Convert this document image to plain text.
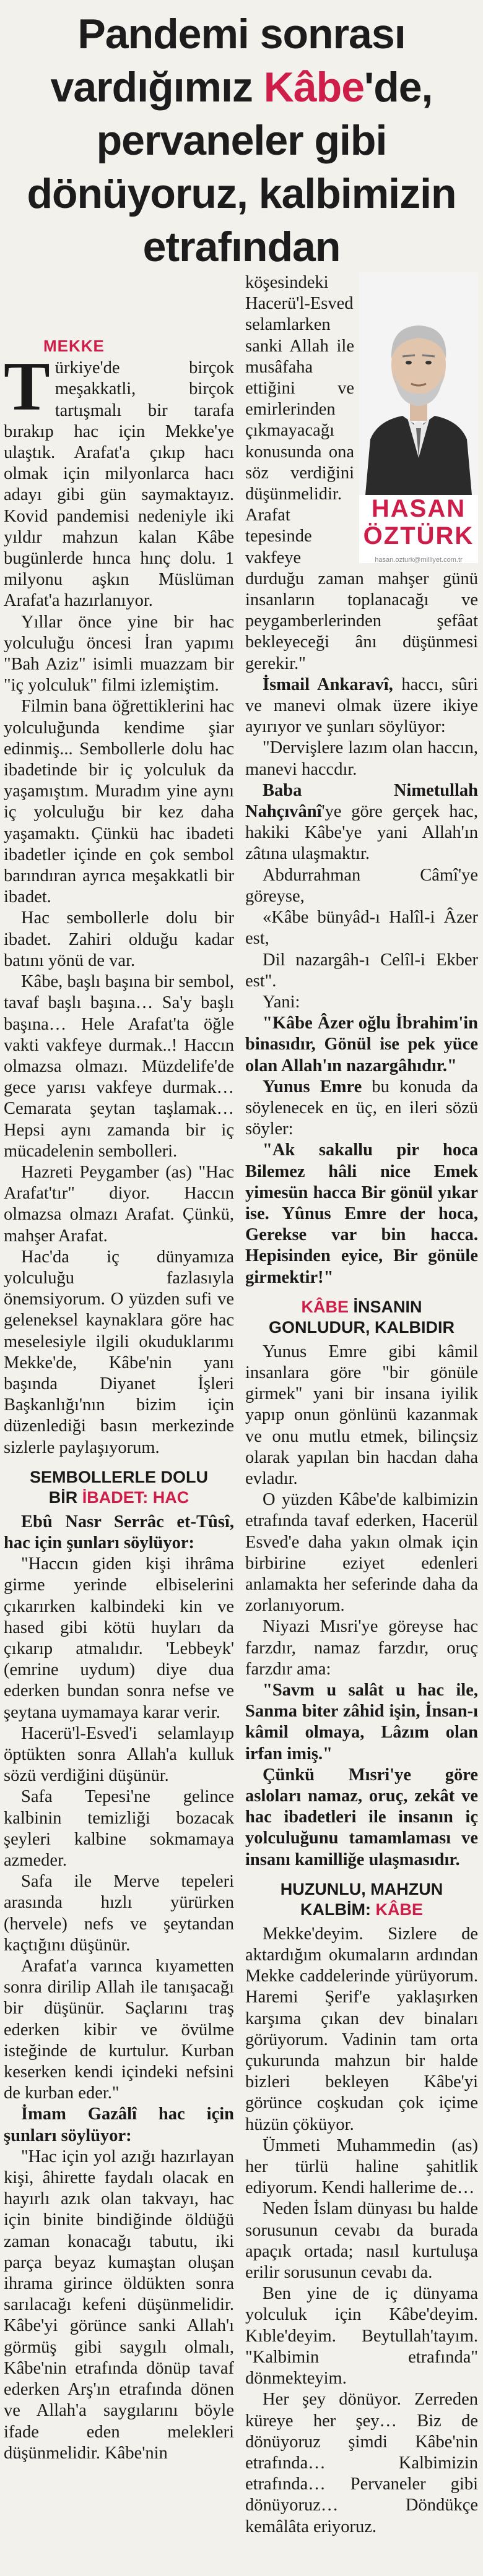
Pandemi sonrası
vardığımız Kâbe'de,
pervaneler gibi
dönüyoruz, kalbimizin
etrafından
MEKKE
T ürkiye'de birçok meşakkatli, birçok tartışmalı bir tarafa bırakıp hac için Mekke'ye ulaştık. Arafat'a çıkıp hacı olmak için milyonlarca hacı adayı gibi gün saymaktayız. Kovid pandemisi nedeniyle iki yıldır mahzun kalan Kâbe bugünlerde hınca hınç dolu. 1 milyonu aşkın Müslüman Arafat'a hazırlanıyor.

Yıllar önce yine bir hac yolculuğu öncesi İran yapımı "Bah Aziz" isimli muazzam bir "iç yolculuk" filmi izlemiştim.

Filmin bana öğrettiklerini hac yolculuğunda kendime şiar edinmiş... Sembollerle dolu hac ibadetinde bir iç yolculuk da yaşamıştım. Muradım yine aynı iç yolculuğu bir kez daha yaşamaktı. Çünkü hac ibadeti ibadetler içinde en çok sembol barındıran ayrıca meşakkatli bir ibadet.

Hac sembollerle dolu bir ibadet. Zahiri olduğu kadar batını yönü de var.

Kâbe, başlı başına bir sembol, tavaf başlı başına… Sa'y başlı başına… Hele Arafat'ta öğle vakti vakfeye durmak..! Haccın olmazsa olmazı. Müzdelife'de gece yarısı vakfeye durmak… Cemarata şeytan taşlamak… Hepsi aynı zamanda bir iç mücadelenin sembolleri.

Hazreti Peygamber (as) "Hac Arafat'tır" diyor. Haccın olmazsa olmazı Arafat. Çünkü, mahşer Arafat.

Hac'da iç dünyamıza yolculuğu fazlasıyla önemsiyorum. O yüzden sufi ve geleneksel kaynaklara göre hac meselesiyle ilgili okuduklarımı Mekke'de, Kâbe'nin yanı başında Diyanet İşleri Başkanlığı'nın bizim için düzenlediği basın merkezinde sizlerle paylaşıyorum.

SEMBOLLERLE DOLU
BİR İBADET: HAC

Ebû Nasr Serrâc et-Tûsî, hac için şunları söylüyor:

"Haccın giden kişi ihrâma girme yerinde elbiselerini çıkarırken kalbindeki kin ve hased gibi kötü huyları da çıkarıp atmalıdır. 'Lebbeyk' (emrine uydum) diye dua ederken bundan sonra nefse ve şeytana uymamaya karar verir.

Hacerü'l-Esved'i selamlayıp öptükten sonra Allah'a kulluk sözü verdiğini düşünür.

Safa Tepesi'ne gelince kalbinin temizliği bozacak şeyleri kalbine sokmamaya azmeder.

Safa ile Merve tepeleri arasında hızlı yürürken (hervele) nefs ve şeytandan kaçtığını düşünür.

Arafat'a varınca kıyametten sonra dirilip Allah ile tanışacağı bir düşünür. Saçlarını traş ederken kibir ve övülme isteğinde de kurtulur. Kurban keserken kendi içindeki nefsini de kurban eder."

İmam Gazâlî hac için şunları söylüyor:

"Hac için yol azığı hazırlayan kişi, âhirette faydalı olacak en hayırlı azık olan takvayı, hac için binite bindiğinde öldüğü zaman konacağı tabutu, iki parça beyaz kumaştan oluşan ihrama girince öldükten sonra sarılacağı kefeni düşünmelidir. Kâbe'yi görünce sanki Allah'ı görmüş gibi saygılı olmalı, Kâbe'nin etrafında dönüp tavaf ederken Arş'ın etrafında dönen ve Allah'a saygılarını böyle ifade eden melekleri düşünmelidir. Kâbe'nin

HASAN
ÖZTÜRK
hasan.ozturk@milliyet.com.tr

köşesindeki Hacerü'l-Esved selamlarken sanki Allah ile musâfaha ettiğini ve emirlerinden çıkmayacağı konusunda ona söz verdiğini düşünmelidir. Arafat tepesinde vakfeye durduğu zaman mahşer günü insanların toplanacağı ve peygamberlerinden şefâat bekleyeceği ânı düşünmesi gerekir."

İsmail Ankaravî, haccı, sûri ve manevi olmak üzere ikiye ayırıyor ve şunları söylüyor:

"Dervişlere lazım olan haccın, manevi haccdır.

Baba Nimetullah Nahçıvânî'ye göre gerçek hac, hakiki Kâbe'ye yani Allah'ın zâtına ulaşmaktır.

Abdurrahman Câmî'ye göreyse,

«Kâbe bünyâd-ı Halîl-i Âzer est,

Dil nazargâh-ı Celîl-i Ekber est".

Yani:

"Kâbe Âzer oğlu İbrahim'in binasıdır, Gönül ise pek yüce olan Allah'ın nazargâhıdır."

Yunus Emre bu konuda da söylenecek en üç, en ileri sözü söyler:

"Ak sakallu pir hoca Bilemez hâli nice Emek yimesün hacca Bir gönül yıkar ise. Yûnus Emre der hoca, Gerekse var bin hacca. Hepisinden eyice, Bir gönüle girmektir!"

KÂBE İNSANIN
GONLUDUR, KALBIDIR

Yunus Emre gibi kâmil insanlara göre "bir gönüle girmek" yani bir insana iyilik yapıp onun gönlünü kazanmak ve onu mutlu etmek, bilinçsiz olarak yapılan bin hacdan daha evladır.

O yüzden Kâbe'de kalbimizin etrafında tavaf ederken, Hacerül Esved'e daha yakın olmak için birbirine eziyet edenleri anlamakta her seferinde daha da zorlanıyorum.

Niyazi Mısri'ye göreyse hac farzdır, namaz farzdır, oruç farzdır ama:

"Savm u salât u hac ile, Sanma biter zâhid işin, İnsan-ı kâmil olmaya, Lâzım olan irfan imiş."

Çünkü Mısri'ye göre asloları namaz, oruç, zekât ve hac ibadetleri ile insanın iç yolculuğunu tamamlaması ve insanı kamilliğe ulaşmasıdır.

HUZUNLU, MAHZUN
KALBİM: KÂBE

Mekke'deyim. Sizlere de aktardığım okumaların ardından Mekke caddelerinde yürüyorum. Haremi Şerif'e yaklaşırken karşıma çıkan dev binaları görüyorum. Vadinin tam orta çukurunda mahzun bir halde bizleri bekleyen Kâbe'yi görünce coşkudan çok içime hüzün çöküyor.

Ümmeti Muhammedin (as) her türlü haline şahitlik ediyorum. Kendi hallerime de…

Neden İslam dünyası bu halde sorusunun cevabı da burada apaçık ortada; nasıl kurtuluşa erilir sorusunun cevabı da.

Ben yine de iç dünyama yolculuk için Kâbe'deyim. Kıble'deyim. Beytullah'tayım. "Kalbimin etrafında" dönmekteyim.

Her şey dönüyor. Zerreden küreye her şey… Biz de dönüyoruz şimdi Kâbe'nin etrafında… Kalbimizin etrafında… Pervaneler gibi dönüyoruz… Döndükçe kemâlâta eriyoruz.
